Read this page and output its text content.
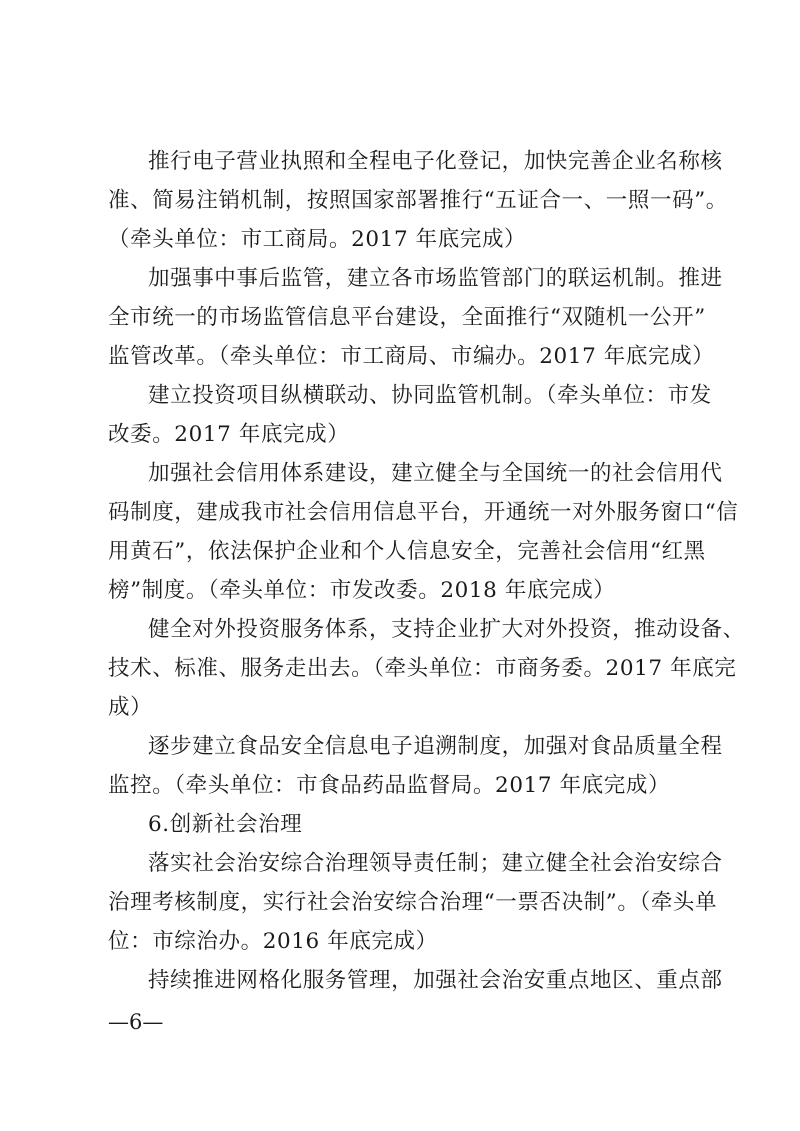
推行电子营业执照和全程电子化登记，加快完善企业名称核
准、简易注销机制，按照国家部署推行“五证合一、一照一码”。
（牵头单位：市工商局。2017 年底完成）
加强事中事后监管，建立各市场监管部门的联运机制。推进
全市统一的市场监管信息平台建设，全面推行“双随机一公开”
监管改革。（牵头单位：市工商局、市编办。2017 年底完成）
建立投资项目纵横联动、协同监管机制。（牵头单位：市发
改委。2017 年底完成）
加强社会信用体系建设，建立健全与全国统一的社会信用代
码制度，建成我市社会信用信息平台，开通统一对外服务窗口“信
用黄石”，依法保护企业和个人信息安全，完善社会信用“红黑
榜”制度。（牵头单位：市发改委。2018 年底完成）
健全对外投资服务体系，支持企业扩大对外投资，推动设备、
技术、标准、服务走出去。（牵头单位：市商务委。2017 年底完
成）
逐步建立食品安全信息电子追溯制度，加强对食品质量全程
监控。（牵头单位：市食品药品监督局。2017 年底完成）
6.创新社会治理
落实社会治安综合治理领导责任制；建立健全社会治安综合
治理考核制度，实行社会治安综合治理“一票否决制”。（牵头单
位：市综治办。2016 年底完成）
持续推进网格化服务管理，加强社会治安重点地区、重点部
—6—
